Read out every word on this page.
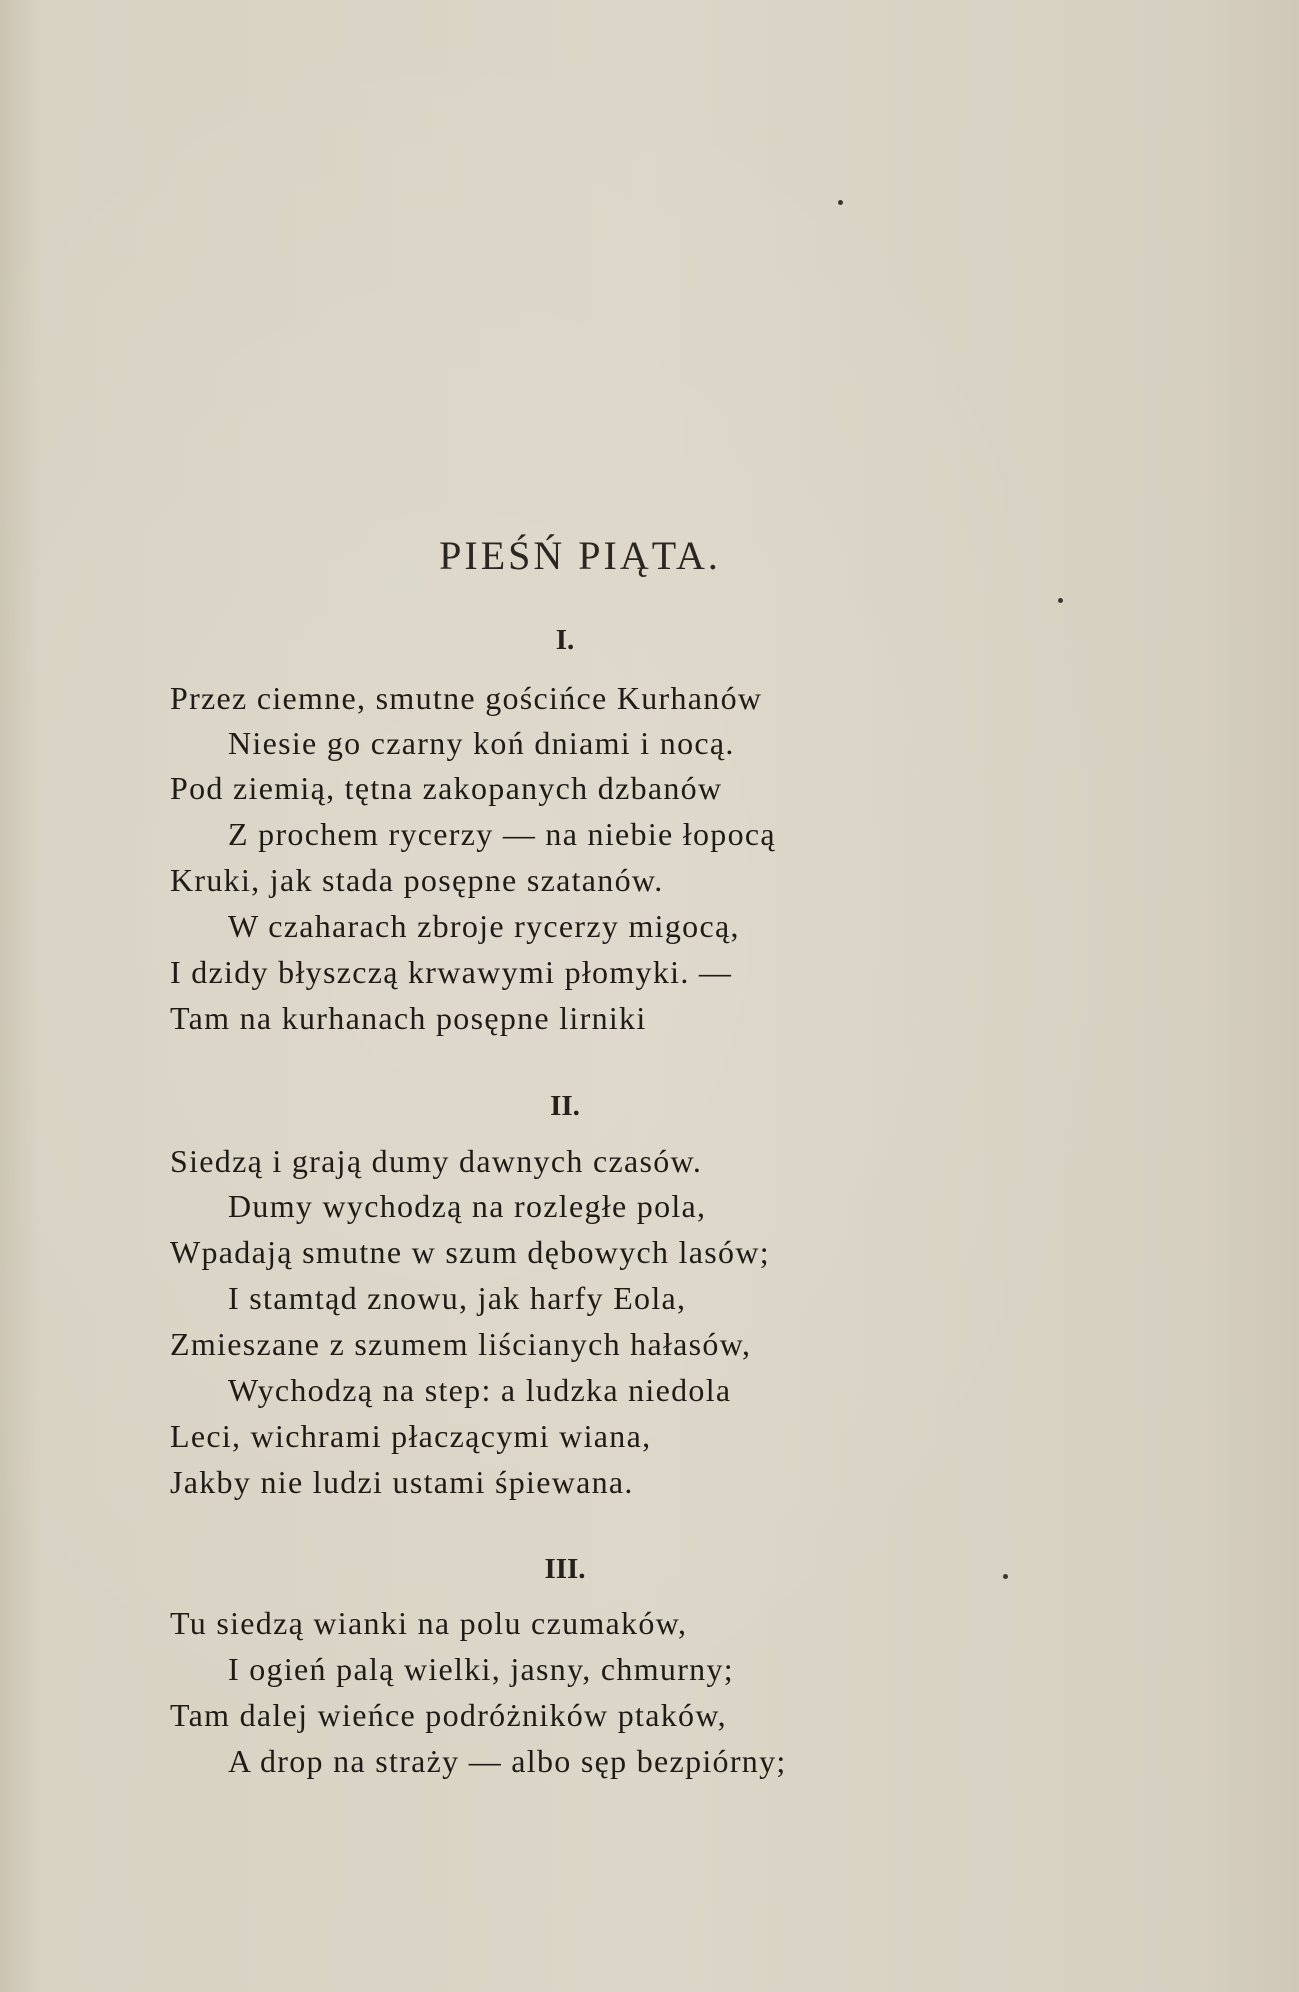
PIEŚŃ PIĄTA.
I.
Przez ciemne, smutne gościńce Kurhanów
Niesie go czarny koń dniami i nocą.
Pod ziemią, tętna zakopanych dzbanów
Z prochem rycerzy — na niebie łopocą
Kruki, jak stada posępne szatanów.
W czaharach zbroje rycerzy migocą,
I dzidy błyszczą krwawymi płomyki. —
Tam na kurhanach posępne lirniki
II.
Siedzą i grają dumy dawnych czasów.
Dumy wychodzą na rozległe pola,
Wpadają smutne w szum dębowych lasów;
I stamtąd znowu, jak harfy Eola,
Zmieszane z szumem liścianych hałasów,
Wychodzą na step: a ludzka niedola
Leci, wichrami płaczącymi wiana,
Jakby nie ludzi ustami śpiewana.
III.
Tu siedzą wianki na polu czumaków,
I ogień palą wielki, jasny, chmurny;
Tam dalej wieńce podróżników ptaków,
A drop na straży — albo sęp bezpiórny;
